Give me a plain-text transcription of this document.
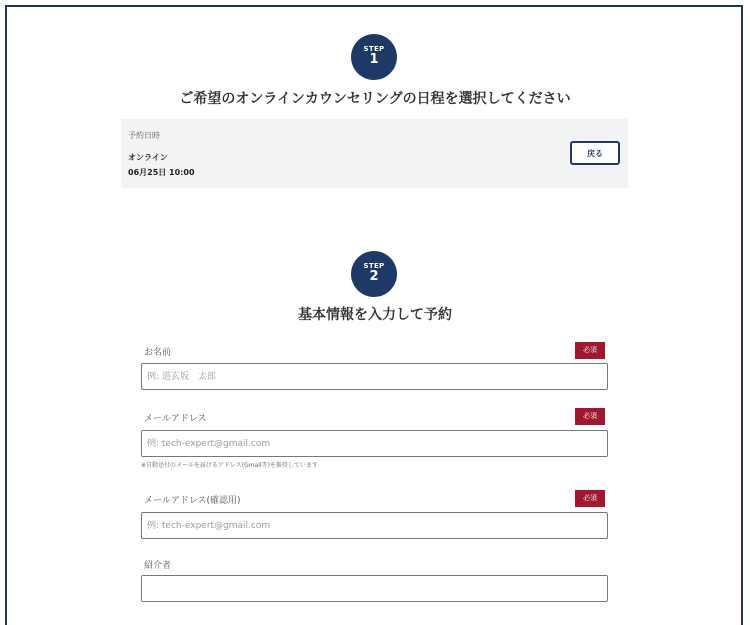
STEP
1
ご希望のオンラインカウンセリングの日程を選択してください
予約日時
オンライン
06月25日 10:00
戻る
STEP
2
基本情報を入力して予約
お名前	必須
例: 道玄坂　太郎
メールアドレス	必須
例: tech-expert@gmail.com
※自動送付のメールを届けるアドレス(Gmail等)を推奨しています
メールアドレス(確認用)	必須
例: tech-expert@gmail.com
紹介者
